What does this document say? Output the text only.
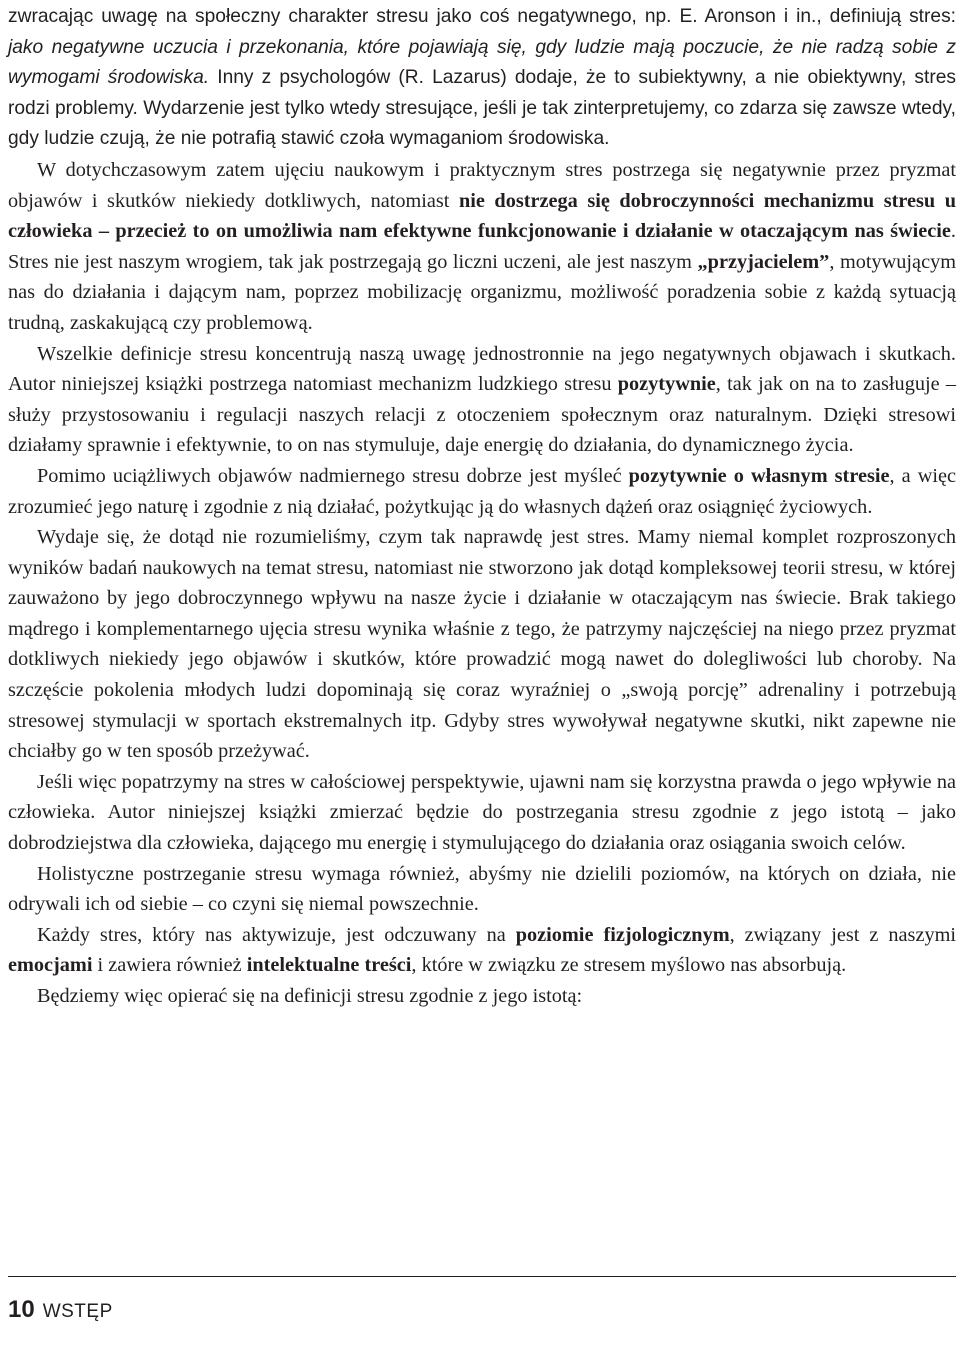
zwracając uwagę na społeczny charakter stresu jako coś negatywnego, np. E. Aronson i in., definiują stres: jako negatywne uczucia i przekonania, które pojawiają się, gdy ludzie mają poczucie, że nie radzą sobie z wymogami środowiska. Inny z psychologów (R. Lazarus) dodaje, że to subiektywny, a nie obiektywny, stres rodzi problemy. Wydarzenie jest tylko wtedy stresujące, jeśli je tak zinterpretujemy, co zdarza się zawsze wtedy, gdy ludzie czują, że nie potrafią stawić czoła wymaganiom środowiska.

W dotychczasowym zatem ujęciu naukowym i praktycznym stres postrzega się negatywnie przez pryzmat objawów i skutków niekiedy dotkliwych, natomiast nie dostrzega się dobroczynności mechanizmu stresu u człowieka – przecież to on umożliwia nam efektywne funkcjonowanie i działanie w otaczającym nas świecie. Stres nie jest naszym wrogiem, tak jak postrzegają go liczni uczeni, ale jest naszym „przyjacielem”, motywującym nas do działania i dającym nam, poprzez mobilizację organizmu, możliwość poradzenia sobie z każdą sytuacją trudną, zaskakującą czy problemową.

Wszelkie definicje stresu koncentrują naszą uwagę jednostronnie na jego negatywnych objawach i skutkach. Autor niniejszej książki postrzega natomiast mechanizm ludzkiego stresu pozytywnie, tak jak on na to zasługuje – służy przystosowaniu i regulacji naszych relacji z otoczeniem społecznym oraz naturalnym. Dzięki stresowi działamy sprawnie i efektywnie, to on nas stymuluje, daje energię do działania, do dynamicznego życia.

Pomimo uciążliwych objawów nadmiernego stresu dobrze jest myśleć pozytywnie o własnym stresie, a więc zrozumieć jego naturę i zgodnie z nią działać, pożytkując ją do własnych dążeń oraz osiągnięć życiowych.

Wydaje się, że dotąd nie rozumieliśmy, czym tak naprawdę jest stres. Mamy niemal komplet rozproszonych wyników badań naukowych na temat stresu, natomiast nie stworzono jak dotąd kompleksowej teorii stresu, w której zauważono by jego dobroczynnego wpływu na nasze życie i działanie w otaczającym nas świecie. Brak takiego mądrego i komplementarnego ujęcia stresu wynika właśnie z tego, że patrzymy najczęściej na niego przez pryzmat dotkliwych niekiedy jego objawów i skutków, które prowadzić mogą nawet do dolegliwości lub choroby. Na szczęście pokolenia młodych ludzi dopominają się coraz wyraźniej o „swoją porcję” adrenaliny i potrzebują stresowej stymulacji w sportach ekstremalnych itp. Gdyby stres wywoływał negatywne skutki, nikt zapewne nie chciałby go w ten sposób przeżywać.

Jeśli więc popatrzymy na stres w całościowej perspektywie, ujawni nam się korzystna prawda o jego wpływie na człowieka. Autor niniejszej książki zmierzać będzie do postrzegania stresu zgodnie z jego istotą – jako dobrodziejstwa dla człowieka, dającego mu energię i stymulującego do działania oraz osiągania swoich celów.

Holistyczne postrzeganie stresu wymaga również, abyśmy nie dzielili poziomów, na których on działa, nie odrywali ich od siebie – co czyni się niemal powszechnie.

Każdy stres, który nas aktywizuje, jest odczuwany na poziomie fizjologicznym, związany jest z naszymi emocjami i zawiera również intelektualne treści, które w związku ze stresem myślowo nas absorbują.

Będziemy więc opierać się na definicji stresu zgodnie z jego istotą:

10 WSTĘP
